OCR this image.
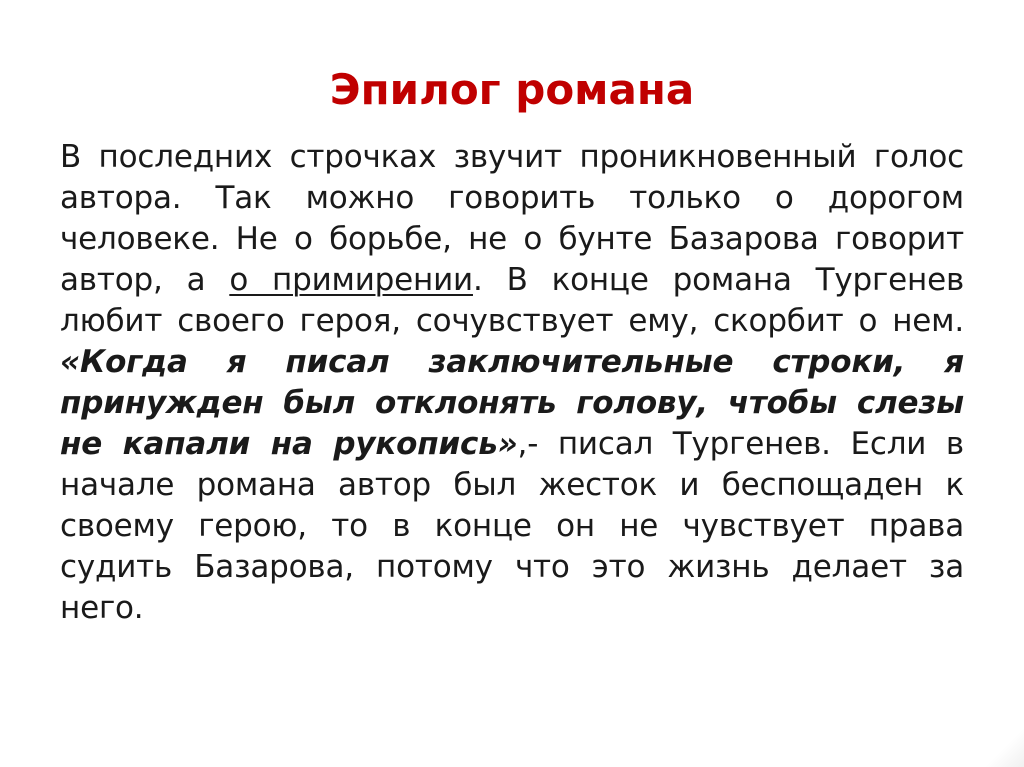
Эпилог романа

В последних строчках звучит проникновенный голос автора. Так можно говорить только о дорогом человеке. Не о борьбе, не о бунте Базарова говорит автор, а о примирении. В конце романа Тургенев любит своего героя, сочувствует ему, скорбит о нем. «Когда я писал заключительные строки, я принужден был отклонять голову, чтобы слезы не капали на рукопись»,- писал Тургенев. Если в начале романа автор был жесток и беспощаден к своему герою, то в конце он не чувствует права судить Базарова, потому что это жизнь делает за него.
